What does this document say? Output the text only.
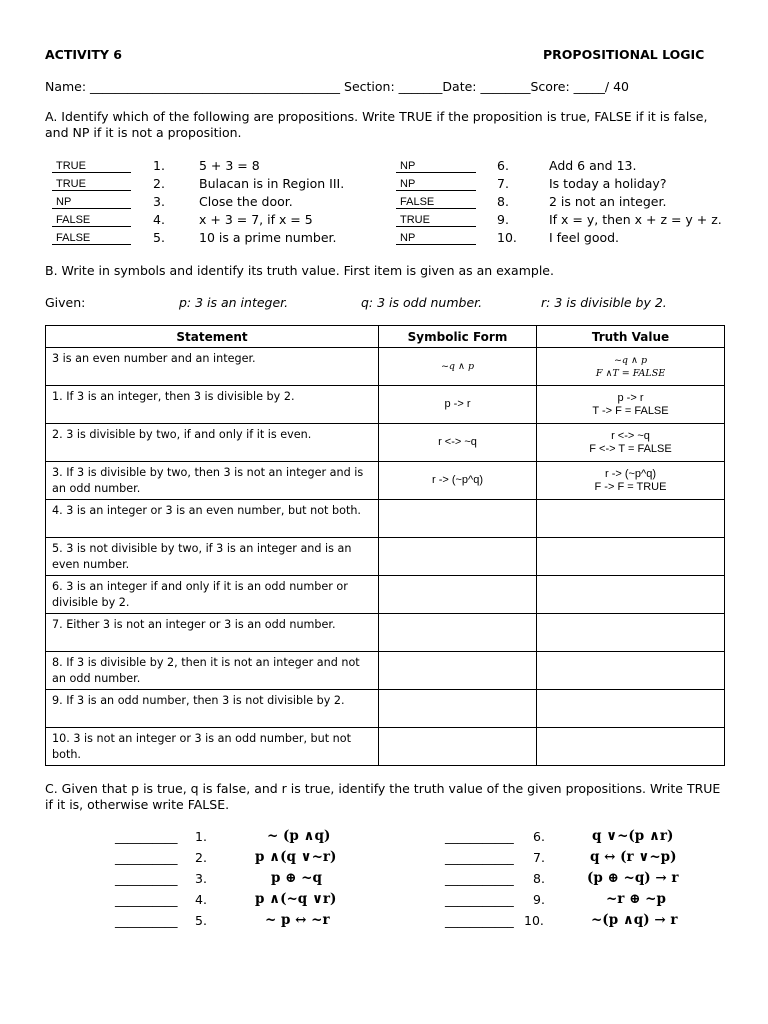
ACTIVITY 6	PROPOSITIONAL LOGIC
Name: ________________________________________ Section: _______Date: ________Score: _____/ 40
A. Identify which of the following are propositions. Write TRUE if the proposition is true, FALSE if it is false, and NP if it is not a proposition.
TRUE	1.	5 + 3 = 8
TRUE	2.	Bulacan is in Region III.
NP	3.	Close the door.
FALSE	4.	x + 3 = 7, if x = 5
FALSE	5.	10 is a prime number.
NP	6.	Add 6 and 13.
NP	7.	Is today a holiday?
FALSE	8.	2 is not an integer.
TRUE	9.	If x = y, then x + z = y + z.
NP	10.	I feel good.
B. Write in symbols and identify its truth value. First item is given as an example.
Given:	p: 3 is an integer.	q: 3 is odd number.	r: 3 is divisible by 2.
Statement	Symbolic Form	Truth Value
3 is an even number and an integer.	~q ∧ p	~q ∧ p
F ∧T = FALSE

1. If 3 is an integer, then 3 is divisible by 2.	p -> r	p -> r
T -> F = FALSE

2. 3 is divisible by two, if and only if it is even.	r <-> ~q	r <-> ~q
F <-> T = FALSE

3. If 3 is divisible by two, then 3 is not an integer and is an odd number.	r -> (~p^q)	r -> (~p^q)
F -> F = TRUE

4. 3 is an integer or 3 is an even number, but not both.		

5. 3 is not divisible by two, if 3 is an integer and is an even number.		

6. 3 is an integer if and only if it is an odd number or divisible by 2.		

7. Either 3 is not an integer or 3 is an odd number.		

8. If 3 is divisible by 2, then it is not an integer and not an odd number.		

9. If 3 is an odd number, then 3 is not divisible by 2.		

10. 3 is not an integer or 3 is an odd number, but not both.		
C. Given that p is true, q is false, and r is true, identify the truth value of the given propositions. Write TRUE if it is, otherwise write FALSE.
__________ 1.	~ (p ∧q)
__________ 2.	p ∧(q ∨~r)
__________ 3.	p ⊕ ~q
__________ 4.	p ∧(~q ∨r)
__________ 5.	~ p ↔ ~r
___________ 6.	q ∨~(p ∧r)
___________ 7.	q ↔ (r ∨~p)
___________ 8.	(p ⊕ ~q) → r
___________ 9.	~r ⊕ ~p
___________ 10.	~(p ∧q) → r
